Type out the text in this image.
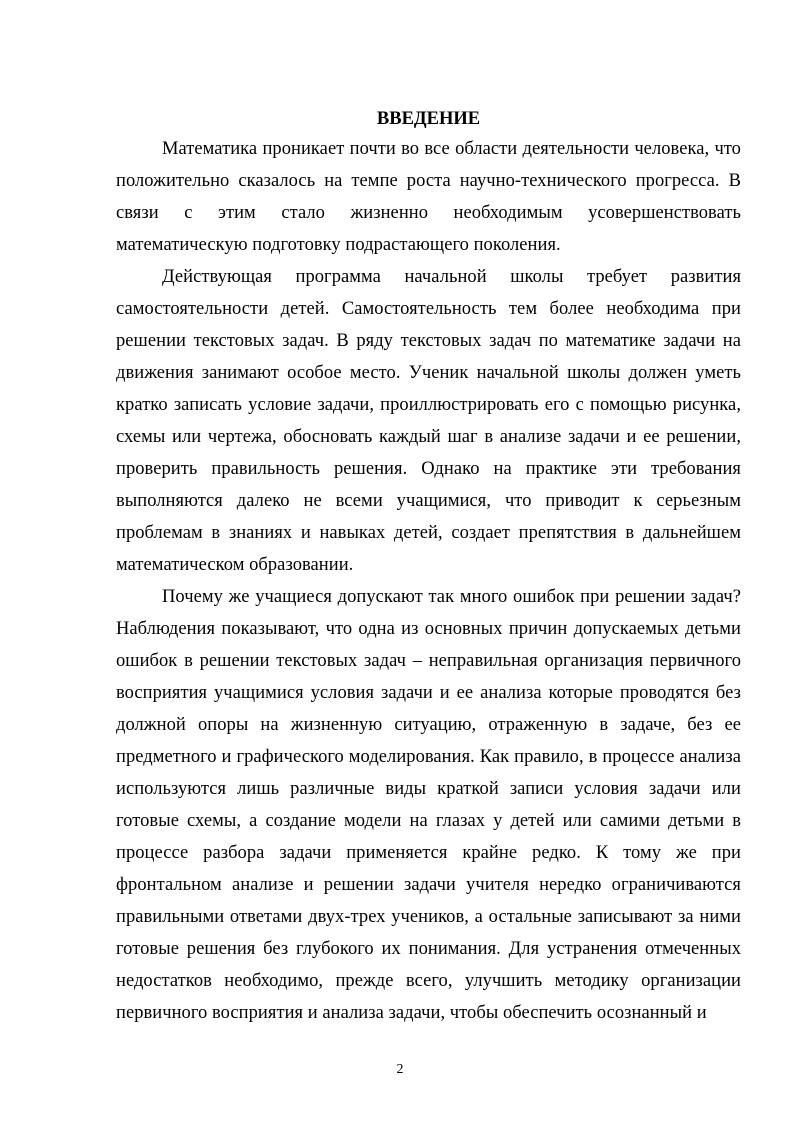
ВВЕДЕНИЕ

Математика проникает почти во все области деятельности человека, что положительно сказалось на темпе роста научно-технического прогресса. В связи с этим стало жизненно необходимым усовершенствовать математическую подготовку подрастающего поколения.

Действующая программа начальной школы требует развития самостоятельности детей. Самостоятельность тем более необходима при решении текстовых задач. В ряду текстовых задач по математике задачи на движения занимают особое место. Ученик начальной школы должен уметь кратко записать условие задачи, проиллюстрировать его с помощью рисунка, схемы или чертежа, обосновать каждый шаг в анализе задачи и ее решении, проверить правильность решения. Однако на практике эти требования выполняются далеко не всеми учащимися, что приводит к серьезным проблемам в знаниях и навыках детей, создает препятствия в дальнейшем математическом образовании.

Почему же учащиеся допускают так много ошибок при решении задач? Наблюдения показывают, что одна из основных причин допускаемых детьми ошибок в решении текстовых задач – неправильная организация первичного восприятия учащимися условия задачи и ее анализа которые проводятся без должной опоры на жизненную ситуацию, отраженную в задаче, без ее предметного и графического моделирования. Как правило, в процессе анализа используются лишь различные виды краткой записи условия задачи или готовые схемы, а создание модели на глазах у детей или самими детьми в процессе разбора задачи применяется крайне редко. К тому же при фронтальном анализе и решении задачи учителя нередко ограничиваются правильными ответами двух-трех учеников, а остальные записывают за ними готовые решения без глубокого их понимания. Для устранения отмеченных недостатков необходимо, прежде всего, улучшить методику организации первичного восприятия и анализа задачи, чтобы обеспечить осознанный и

2
